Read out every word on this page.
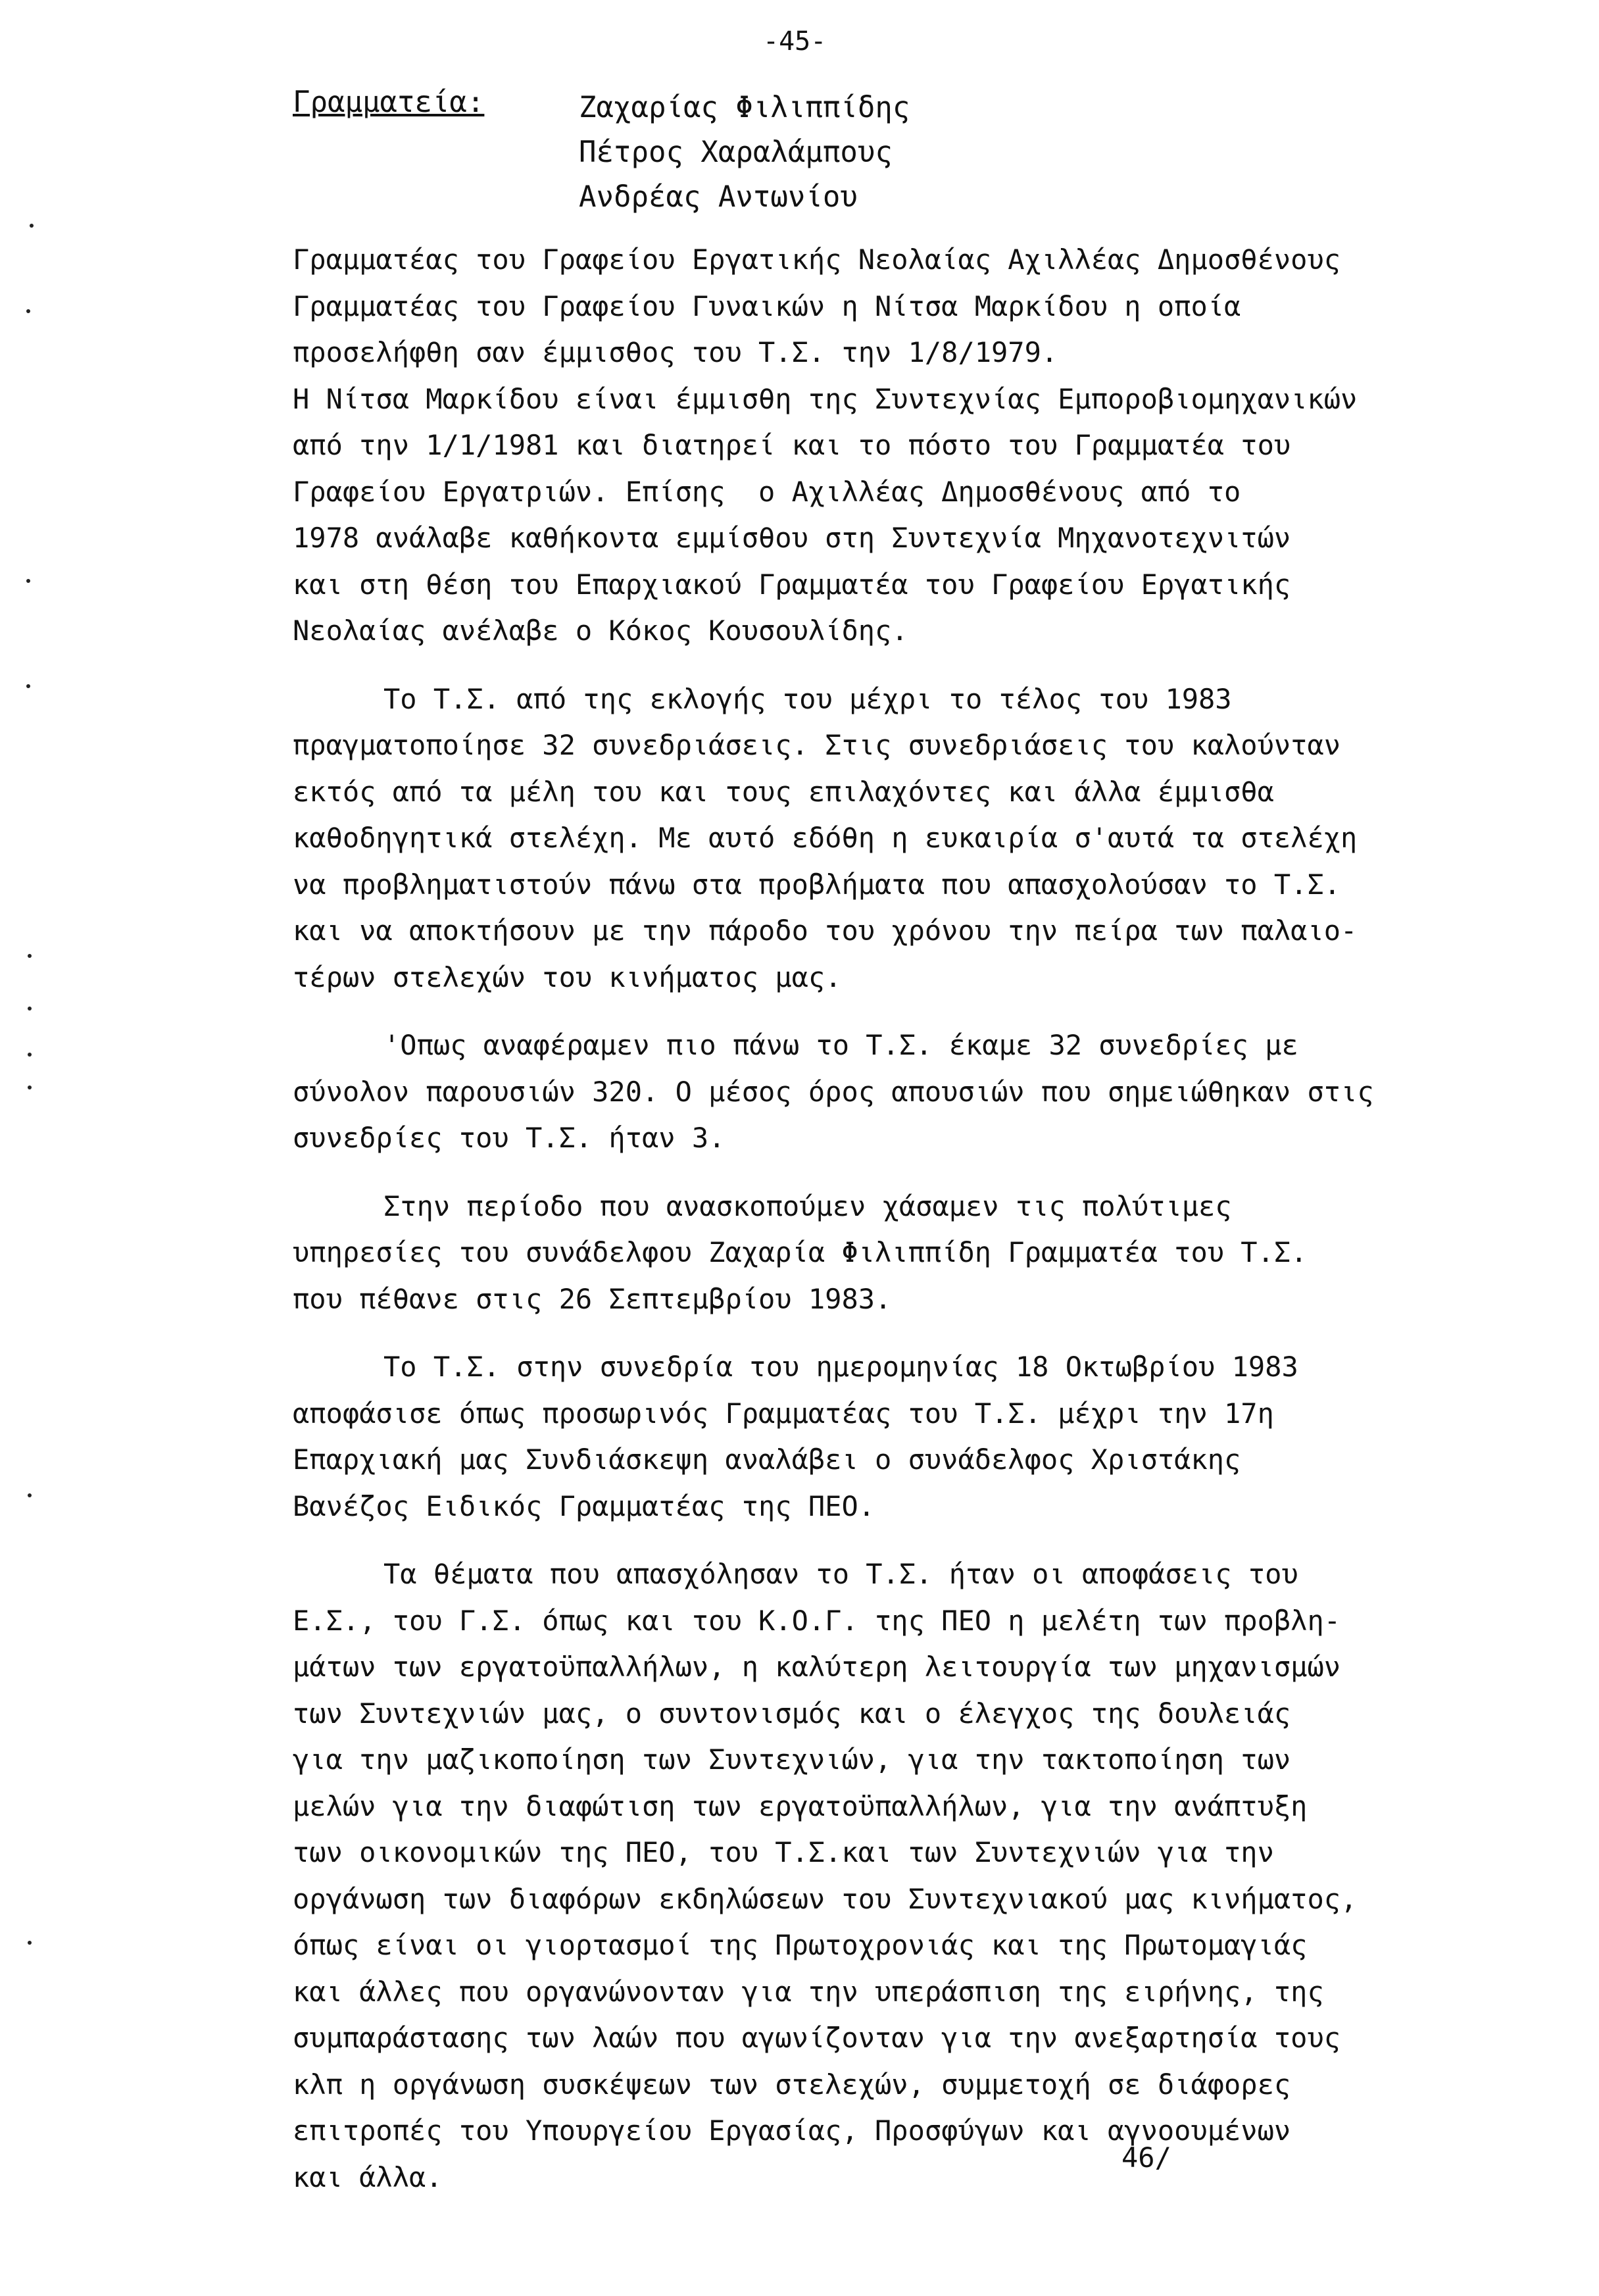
-45-
Γραμματεία:	Ζαχαρίας Φιλιππίδης
Πέτρος Χαραλάμπους
Ανδρέας Αντωνίου
Γραμματέας του Γραφείου Εργατικής Νεολαίας Αχιλλέας Δημοσθένους
Γραμματέας του Γραφείου Γυναικών η Νίτσα Μαρκίδου η οποία
προσελήφθη σαν έμμισθος του Τ.Σ. την 1/8/1979.
Η Νίτσα Μαρκίδου είναι έμμισθη της Συντεχνίας Εμποροβιομηχανικών
από την 1/1/1981 και διατηρεί και το πόστο του Γραμματέα του
Γραφείου Εργατριών. Επίσης  ο Αχιλλέας Δημοσθένους από το
1978 ανάλαβε καθήκοντα εμμίσθου στη Συντεχνία Μηχανοτεχνιτών
και στη θέση του Επαρχιακού Γραμματέα του Γραφείου Εργατικής
Νεολαίας ανέλαβε ο Κόκος Κουσουλίδης.
Το Τ.Σ. από της εκλογής του μέχρι το τέλος του 1983
πραγματοποίησε 32 συνεδριάσεις. Στις συνεδριάσεις του καλούνταν
εκτός από τα μέλη του και τους επιλαχόντες και άλλα έμμισθα
καθοδηγητικά στελέχη. Με αυτό εδόθη η ευκαιρία σ'αυτά τα στελέχη
να προβληματιστούν πάνω στα προβλήματα που απασχολούσαν το Τ.Σ.
και να αποκτήσουν με την πάροδο του χρόνου την πείρα των παλαιο-
τέρων στελεχών του κινήματος μας.
'Οπως αναφέραμεν πιο πάνω το Τ.Σ. έκαμε 32 συνεδρίες με
σύνολον παρουσιών 320. Ο μέσος όρος απουσιών που σημειώθηκαν στις
συνεδρίες του Τ.Σ. ήταν 3.
Στην περίοδο που ανασκοπούμεν χάσαμεν τις πολύτιμες
υπηρεσίες του συνάδελφου Ζαχαρία Φιλιππίδη Γραμματέα του Τ.Σ.
που πέθανε στις 26 Σεπτεμβρίου 1983.
Το Τ.Σ. στην συνεδρία του ημερομηνίας 18 Οκτωβρίου 1983
αποφάσισε όπως προσωρινός Γραμματέας του Τ.Σ. μέχρι την 17η
Επαρχιακή μας Συνδιάσκεψη αναλάβει ο συνάδελφος Χριστάκης
Βανέζος Ειδικός Γραμματέας της ΠΕΟ.
Τα θέματα που απασχόλησαν το Τ.Σ. ήταν οι αποφάσεις του
Ε.Σ., του Γ.Σ. όπως και του Κ.Ο.Γ. της ΠΕΟ η μελέτη των προβλη-
μάτων των εργατοϋπαλλήλων, η καλύτερη λειτουργία των μηχανισμών
των Συντεχνιών μας, ο συντονισμός και ο έλεγχος της δουλειάς
για την μαζικοποίηση των Συντεχνιών, για την τακτοποίηση των
μελών για την διαφώτιση των εργατοϋπαλλήλων, για την ανάπτυξη
των οικονομικών της ΠΕΟ, του Τ.Σ.και των Συντεχνιών για την
οργάνωση των διαφόρων εκδηλώσεων του Συντεχνιακού μας κινήματος,
όπως είναι οι γιορτασμοί της Πρωτοχρονιάς και της Πρωτομαγιάς
και άλλες που οργανώνονταν για την υπεράσπιση της ειρήνης, της
συμπαράστασης των λαών που αγωνίζονταν για την ανεξαρτησία τους
κλπ η οργάνωση συσκέψεων των στελεχών, συμμετοχή σε διάφορες
επιτροπές του Υπουργείου Εργασίας, Προσφύγων και αγνοουμένων
και άλλα.
46/
